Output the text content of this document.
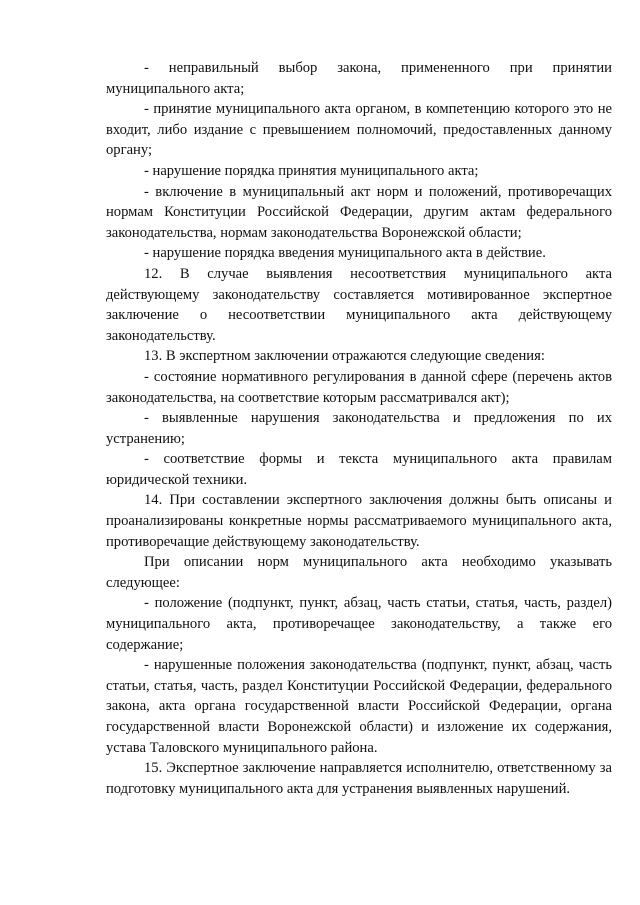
- неправильный выбор закона, примененного при принятии муниципального акта;

- принятие муниципального акта органом, в компетенцию которого это не входит, либо издание с превышением полномочий, предоставленных данному органу;

- нарушение порядка принятия муниципального акта;

- включение в муниципальный акт норм и положений, противоречащих нормам Конституции Российской Федерации, другим актам федерального законодательства, нормам законодательства Воронежской области;

- нарушение порядка введения муниципального акта в действие.

12. В случае выявления несоответствия муниципального акта действующему законодательству составляется мотивированное экспертное заключение о несоответствии муниципального акта действующему законодательству.

13. В экспертном заключении отражаются следующие сведения:

- состояние нормативного регулирования в данной сфере (перечень актов законодательства, на соответствие которым рассматривался акт);

- выявленные нарушения законодательства и предложения по их устранению;

- соответствие формы и текста муниципального акта правилам юридической техники.

14. При составлении экспертного заключения должны быть описаны и проанализированы конкретные нормы рассматриваемого муниципального акта, противоречащие действующему законодательству.

При описании норм муниципального акта необходимо указывать следующее:

- положение (подпункт, пункт, абзац, часть статьи, статья, часть, раздел) муниципального акта, противоречащее законодательству, а также его содержание;

- нарушенные положения законодательства (подпункт, пункт, абзац, часть статьи, статья, часть, раздел Конституции Российской Федерации, федерального закона, акта органа государственной власти Российской Федерации, органа государственной власти Воронежской области) и изложение их содержания, устава Таловского муниципального района.

15. Экспертное заключение направляется исполнителю, ответственному за подготовку муниципального акта для устранения выявленных нарушений.
